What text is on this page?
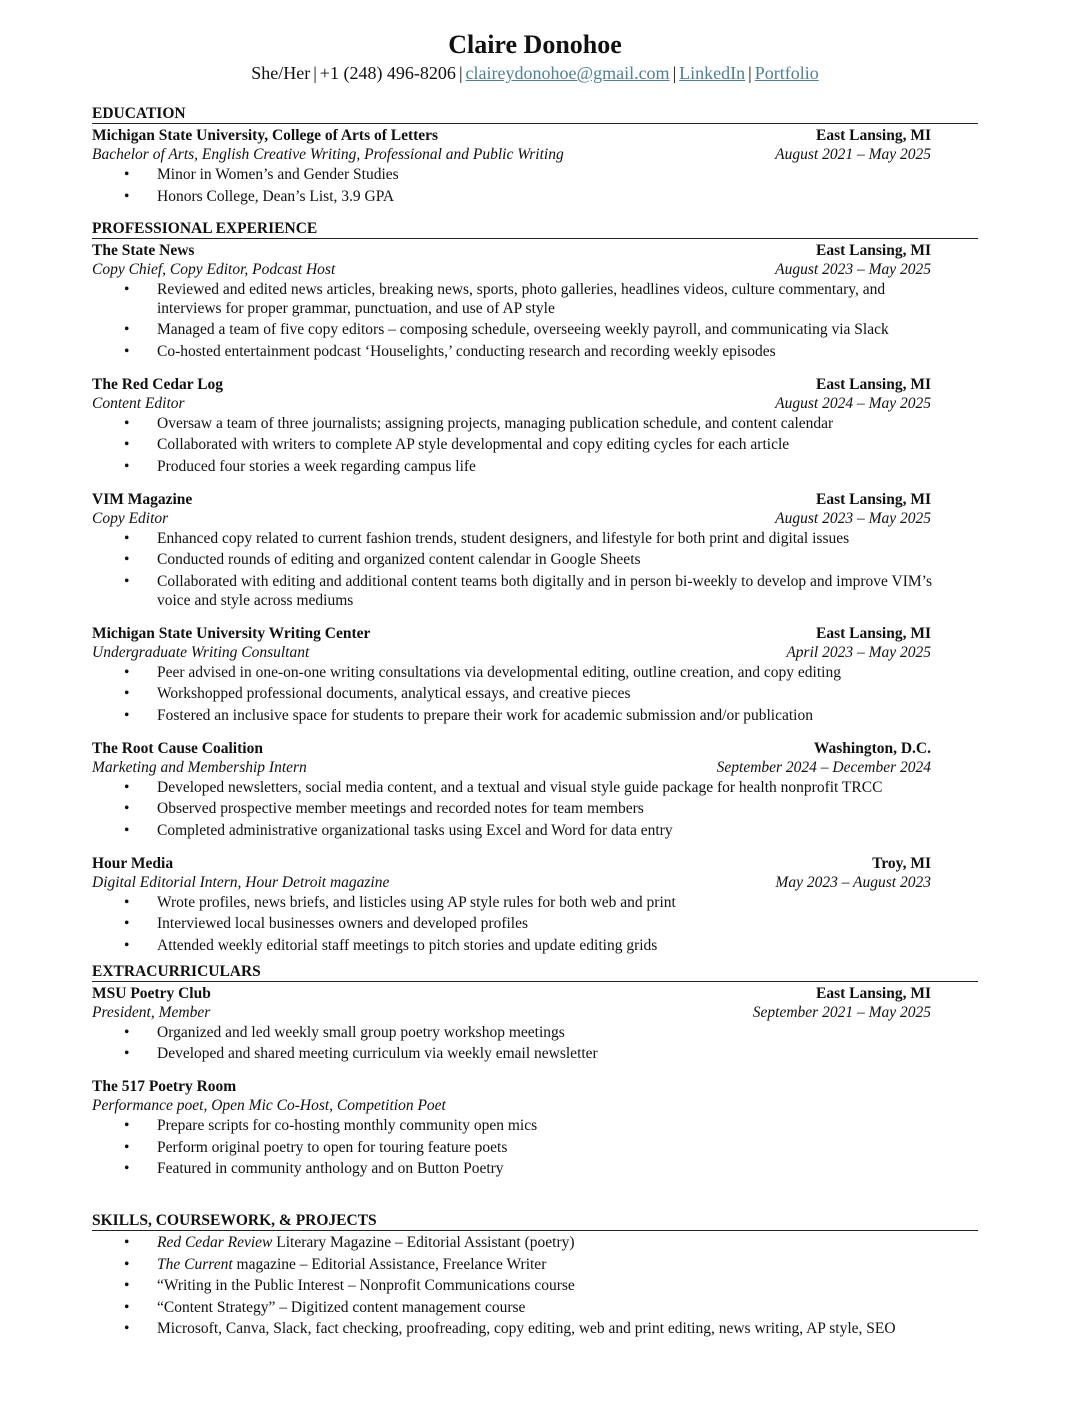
Claire Donohoe
She/Her | +1 (248) 496-8206 | claireydonohoe@gmail.com | LinkedIn | Portfolio
EDUCATION
Michigan State University, College of Arts of Letters	East Lansing, MI
Bachelor of Arts, English Creative Writing, Professional and Public Writing	August 2021 – May 2025
• Minor in Women’s and Gender Studies
• Honors College, Dean’s List, 3.9 GPA
PROFESSIONAL EXPERIENCE
The State News	East Lansing, MI
Copy Chief, Copy Editor, Podcast Host	August 2023 – May 2025
• Reviewed and edited news articles, breaking news, sports, photo galleries, headlines videos, culture commentary, and interviews for proper grammar, punctuation, and use of AP style
• Managed a team of five copy editors – composing schedule, overseeing weekly payroll, and communicating via Slack
• Co-hosted entertainment podcast ‘Houselights,’ conducting research and recording weekly episodes
The Red Cedar Log	East Lansing, MI
Content Editor	August 2024 – May 2025
• Oversaw a team of three journalists; assigning projects, managing publication schedule, and content calendar
• Collaborated with writers to complete AP style developmental and copy editing cycles for each article
• Produced four stories a week regarding campus life
VIM Magazine	East Lansing, MI
Copy Editor	August 2023 – May 2025
• Enhanced copy related to current fashion trends, student designers, and lifestyle for both print and digital issues
• Conducted rounds of editing and organized content calendar in Google Sheets
• Collaborated with editing and additional content teams both digitally and in person bi-weekly to develop and improve VIM’s voice and style across mediums
Michigan State University Writing Center	East Lansing, MI
Undergraduate Writing Consultant	April 2023 – May 2025
• Peer advised in one-on-one writing consultations via developmental editing, outline creation, and copy editing
• Workshopped professional documents, analytical essays, and creative pieces
• Fostered an inclusive space for students to prepare their work for academic submission and/or publication
The Root Cause Coalition	Washington, D.C.
Marketing and Membership Intern	September 2024 – December 2024
• Developed newsletters, social media content, and a textual and visual style guide package for health nonprofit TRCC
• Observed prospective member meetings and recorded notes for team members
• Completed administrative organizational tasks using Excel and Word for data entry
Hour Media	Troy, MI
Digital Editorial Intern, Hour Detroit magazine	May 2023 – August 2023
• Wrote profiles, news briefs, and listicles using AP style rules for both web and print
• Interviewed local businesses owners and developed profiles
• Attended weekly editorial staff meetings to pitch stories and update editing grids
EXTRACURRICULARS
MSU Poetry Club	East Lansing, MI
President, Member	September 2021 – May 2025
• Organized and led weekly small group poetry workshop meetings
• Developed and shared meeting curriculum via weekly email newsletter
The 517 Poetry Room
Performance poet, Open Mic Co-Host, Competition Poet
• Prepare scripts for co-hosting monthly community open mics
• Perform original poetry to open for touring feature poets
• Featured in community anthology and on Button Poetry
SKILLS, COURSEWORK, & PROJECTS
• Red Cedar Review Literary Magazine – Editorial Assistant (poetry)
• The Current magazine – Editorial Assistance, Freelance Writer
• “Writing in the Public Interest – Nonprofit Communications course
• “Content Strategy” – Digitized content management course
• Microsoft, Canva, Slack, fact checking, proofreading, copy editing, web and print editing, news writing, AP style, SEO
